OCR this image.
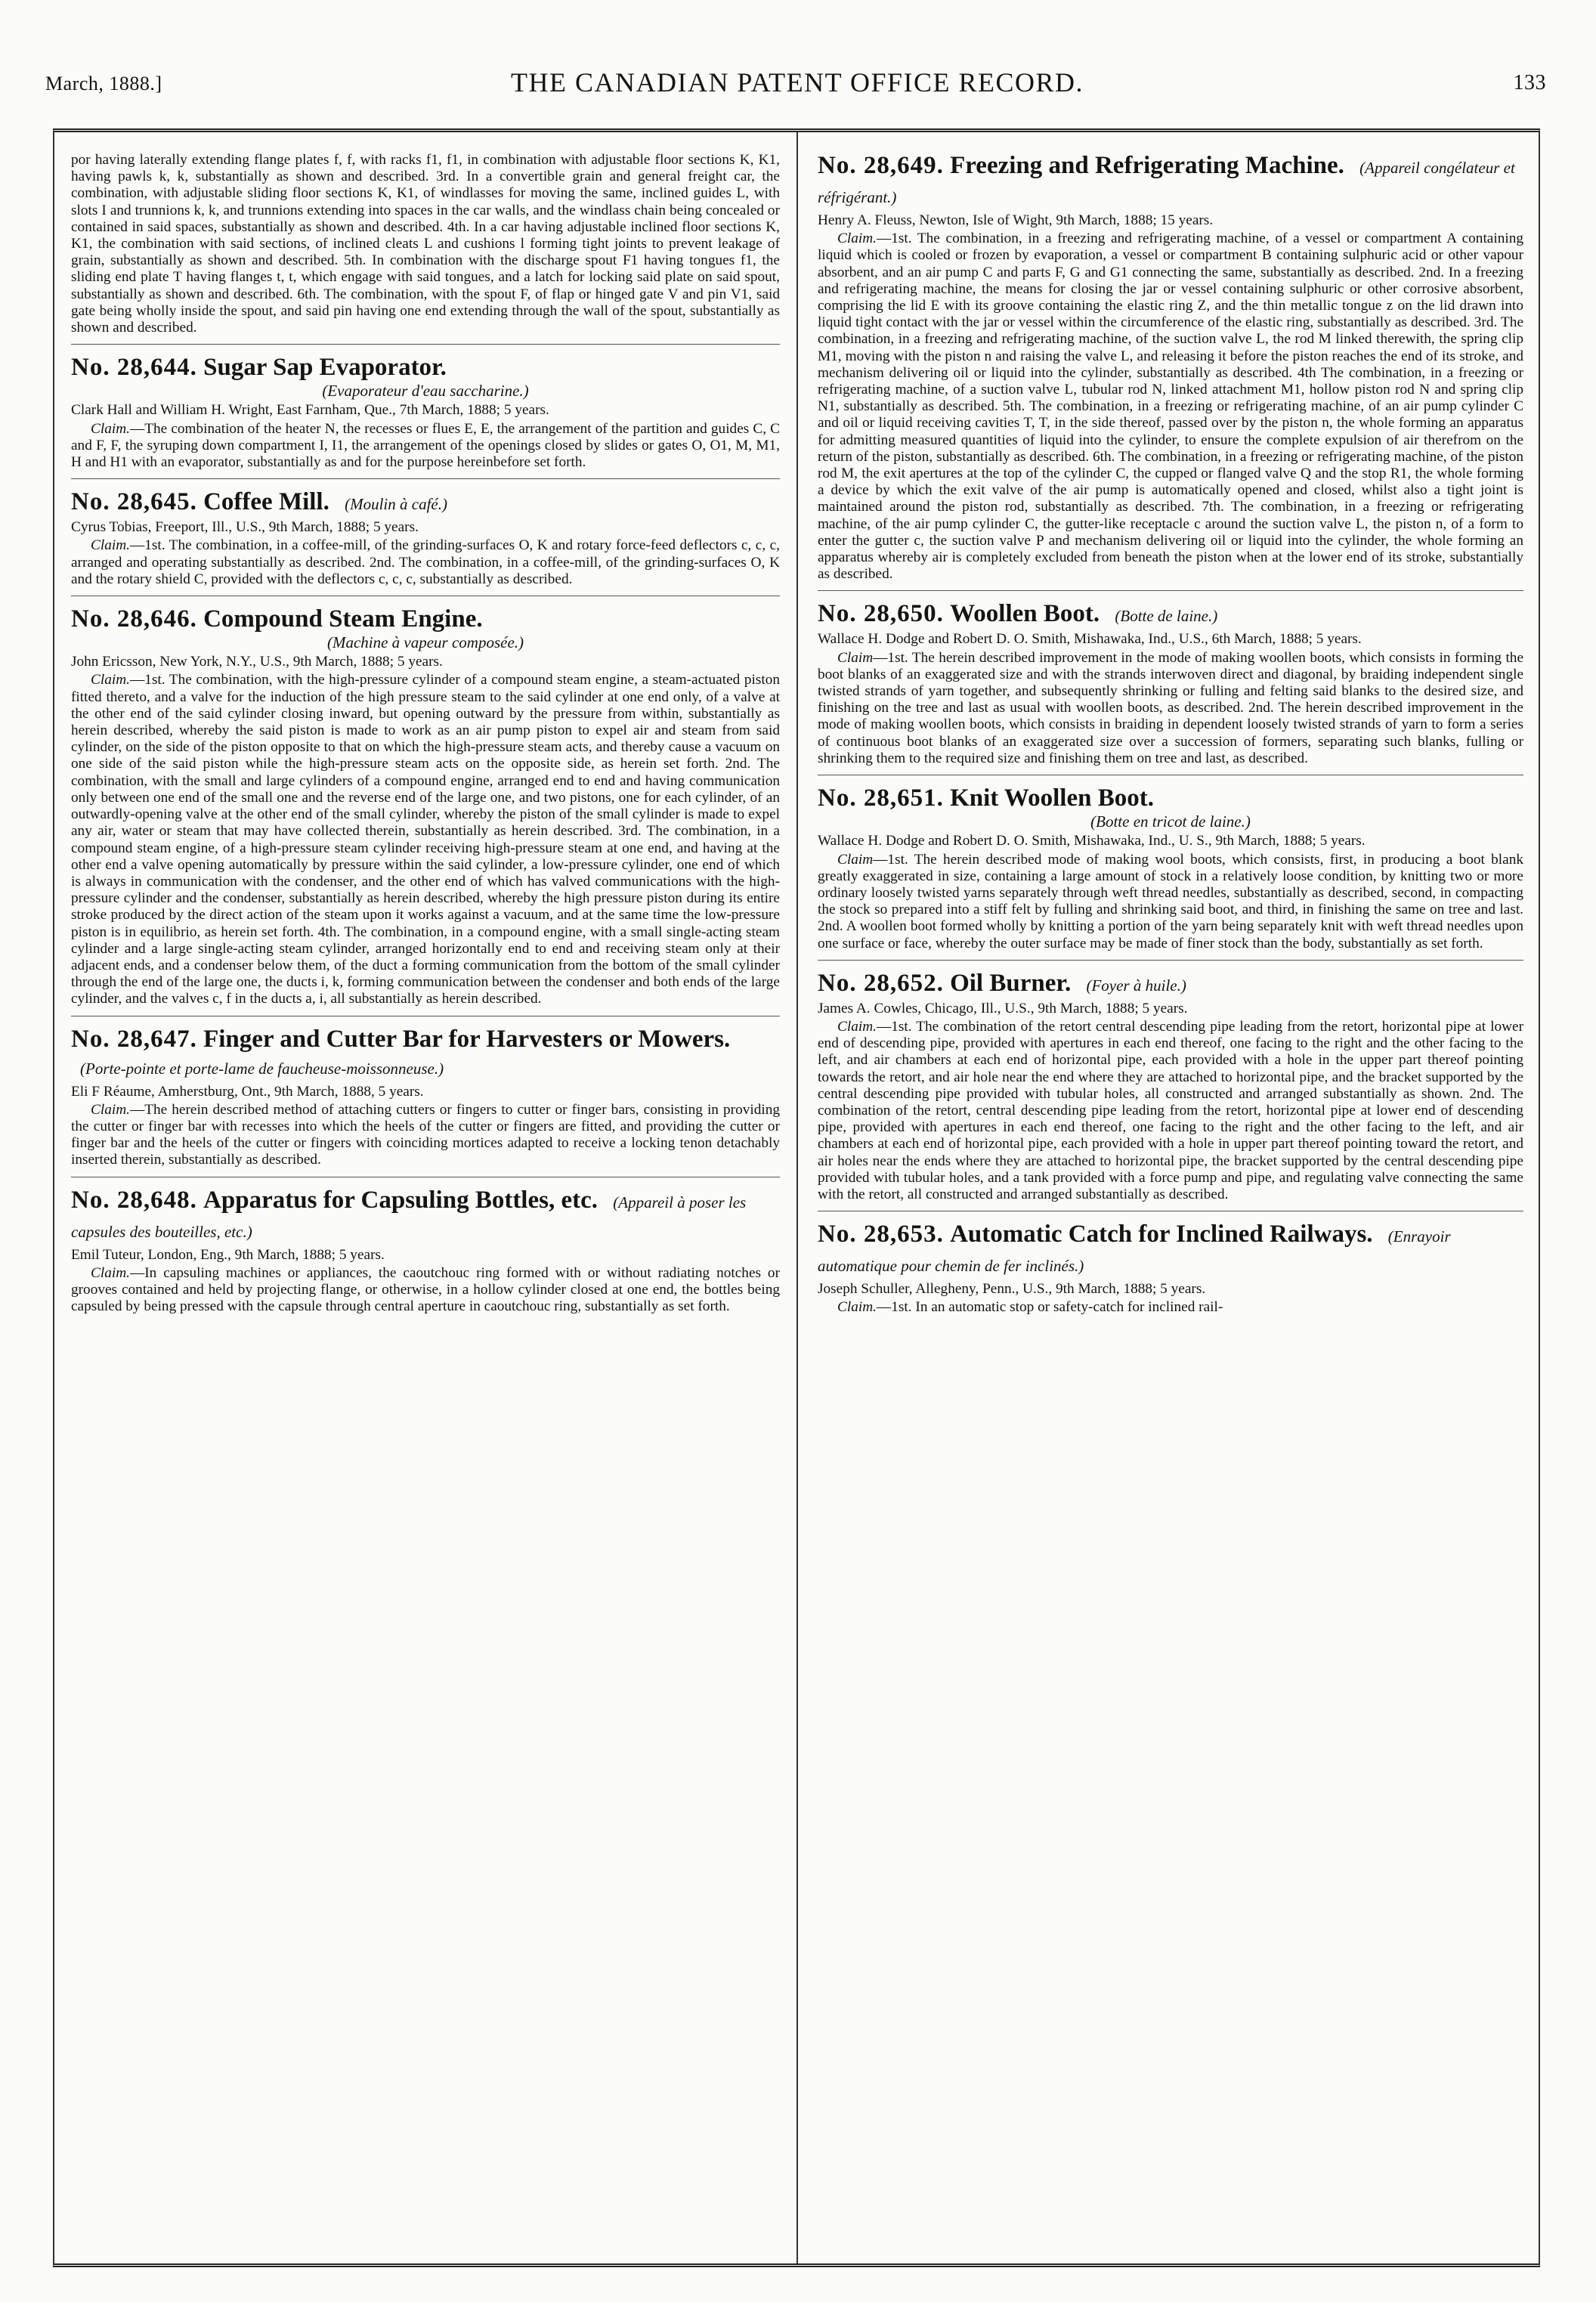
March, 1888.]	THE CANADIAN PATENT OFFICE RECORD.	133

por having laterally extending flange plates f, f, with racks f1, f1, in combination with adjustable floor sections K, K1, having pawls k, k, substantially as shown and described. 3rd. In a convertible grain and general freight car, the combination, with adjustable sliding floor sections K, K1, of windlasses for moving the same, inclined guides L, with slots I and trunnions k, k, and trunnions extending into spaces in the car walls, and the windlass chain being concealed or contained in said spaces, substantially as shown and described. 4th. In a car having adjustable inclined floor sections K, K1, the combination with said sections, of inclined cleats L and cushions l forming tight joints to prevent leakage of grain, substantially as shown and described. 5th. In combination with the discharge spout F1 having tongues f1, the sliding end plate T having flanges t, t, which engage with said tongues, and a latch for locking said plate on said spout, substantially as shown and described. 6th. The combination, with the spout F, of flap or hinged gate V and pin V1, said gate being wholly inside the spout, and said pin having one end extending through the wall of the spout, substantially as shown and described.

No. 28,644. Sugar Sap Evaporator.
(Evaporateur d'eau saccharine.)

Clark Hall and William H. Wright, East Farnham, Que., 7th March, 1888; 5 years.

Claim.—The combination of the heater N, the recesses or flues E, E, the arrangement of the partition and guides C, C and F, F, the syruping down compartment I, I1, the arrangement of the openings closed by slides or gates O, O1, M, M1, H and H1 with an evaporator, substantially as and for the purpose hereinbefore set forth.

No. 28,645. Coffee Mill. (Moulin à café.)

Cyrus Tobias, Freeport, Ill., U.S., 9th March, 1888; 5 years.

Claim.—1st. The combination, in a coffee-mill, of the grinding-surfaces O, K and rotary force-feed deflectors c, c, c, arranged and operating substantially as described. 2nd. The combination, in a coffee-mill, of the grinding-surfaces O, K and the rotary shield C, provided with the deflectors c, c, c, substantially as described.

No. 28,646. Compound Steam Engine.
(Machine à vapeur composée.)

John Ericsson, New York, N.Y., U.S., 9th March, 1888; 5 years.

Claim.—1st. The combination, with the high-pressure cylinder of a compound steam engine, a steam-actuated piston fitted thereto, and a valve for the induction of the high pressure steam to the said cylinder at one end only, of a valve at the other end of the said cylinder closing inward, but opening outward by the pressure from within, substantially as herein described, whereby the said piston is made to work as an air pump piston to expel air and steam from said cylinder, on the side of the piston opposite to that on which the high-pressure steam acts, and thereby cause a vacuum on one side of the said piston while the high-pressure steam acts on the opposite side, as herein set forth. 2nd. The combination, with the small and large cylinders of a compound engine, arranged end to end and having communication only between one end of the small one and the reverse end of the large one, and two pistons, one for each cylinder, of an outwardly-opening valve at the other end of the small cylinder, whereby the piston of the small cylinder is made to expel any air, water or steam that may have collected therein, substantially as herein described. 3rd. The combination, in a compound steam engine, of a high-pressure steam cylinder receiving high-pressure steam at one end, and having at the other end a valve opening automatically by pressure within the said cylinder, a low-pressure cylinder, one end of which is always in communication with the condenser, and the other end of which has valved communications with the high-pressure cylinder and the condenser, substantially as herein described, whereby the high pressure piston during its entire stroke produced by the direct action of the steam upon it works against a vacuum, and at the same time the low-pressure piston is in equilibrio, as herein set forth. 4th. The combination, in a compound engine, with a small single-acting steam cylinder and a large single-acting steam cylinder, arranged horizontally end to end and receiving steam only at their adjacent ends, and a condenser below them, of the duct a forming communication from the bottom of the small cylinder through the end of the large one, the ducts i, k, forming communication between the condenser and both ends of the large cylinder, and the valves c, f in the ducts a, i, all substantially as herein described.

No. 28,647. Finger and Cutter Bar for Harvesters or Mowers. (Porte-pointe et porte-lame de faucheuse-moissonneuse.)

Eli F Réaume, Amherstburg, Ont., 9th March, 1888, 5 years.

Claim.—The herein described method of attaching cutters or fingers to cutter or finger bars, consisting in providing the cutter or finger bar with recesses into which the heels of the cutter or fingers are fitted, and providing the cutter or finger bar and the heels of the cutter or fingers with coinciding mortices adapted to receive a locking tenon detachably inserted therein, substantially as described.

No. 28,648. Apparatus for Capsuling Bottles, etc. (Appareil à poser les capsules des bouteilles, etc.)

Emil Tuteur, London, Eng., 9th March, 1888; 5 years.

Claim.—In capsuling machines or appliances, the caoutchouc ring formed with or without radiating notches or grooves contained and held by projecting flange, or otherwise, in a hollow cylinder closed at one end, the bottles being capsuled by being pressed with the capsule through central aperture in caoutchouc ring, substantially as set forth.

No. 28,649. Freezing and Refrigerating Machine. (Appareil congélateur et réfrigérant.)

Henry A. Fleuss, Newton, Isle of Wight, 9th March, 1888; 15 years.

Claim.—1st. The combination, in a freezing and refrigerating machine, of a vessel or compartment A containing liquid which is cooled or frozen by evaporation, a vessel or compartment B containing sulphuric acid or other vapour absorbent, and an air pump C and parts F, G and G1 connecting the same, substantially as described. 2nd. In a freezing and refrigerating machine, the means for closing the jar or vessel containing sulphuric or other corrosive absorbent, comprising the lid E with its groove containing the elastic ring Z, and the thin metallic tongue z on the lid drawn into liquid tight contact with the jar or vessel within the circumference of the elastic ring, substantially as described. 3rd. The combination, in a freezing and refrigerating machine, of the suction valve L, the rod M linked therewith, the spring clip M1, moving with the piston n and raising the valve L, and releasing it before the piston reaches the end of its stroke, and mechanism delivering oil or liquid into the cylinder, substantially as described. 4th The combination, in a freezing or refrigerating machine, of a suction valve L, tubular rod N, linked attachment M1, hollow piston rod N and spring clip N1, substantially as described. 5th. The combination, in a freezing or refrigerating machine, of an air pump cylinder C and oil or liquid receiving cavities T, T, in the side thereof, passed over by the piston n, the whole forming an apparatus for admitting measured quantities of liquid into the cylinder, to ensure the complete expulsion of air therefrom on the return of the piston, substantially as described. 6th. The combination, in a freezing or refrigerating machine, of the piston rod M, the exit apertures at the top of the cylinder C, the cupped or flanged valve Q and the stop R1, the whole forming a device by which the exit valve of the air pump is automatically opened and closed, whilst also a tight joint is maintained around the piston rod, substantially as described. 7th. The combination, in a freezing or refrigerating machine, of the air pump cylinder C, the gutter-like receptacle c around the suction valve L, the piston n, of a form to enter the gutter c, the suction valve P and mechanism delivering oil or liquid into the cylinder, the whole forming an apparatus whereby air is completely excluded from beneath the piston when at the lower end of its stroke, substantially as described.

No. 28,650. Woollen Boot. (Botte de laine.)

Wallace H. Dodge and Robert D. O. Smith, Mishawaka, Ind., U.S., 6th March, 1888; 5 years.

Claim—1st. The herein described improvement in the mode of making woollen boots, which consists in forming the boot blanks of an exaggerated size and with the strands interwoven direct and diagonal, by braiding independent single twisted strands of yarn together, and subsequently shrinking or fulling and felting said blanks to the desired size, and finishing on the tree and last as usual with woollen boots, as described. 2nd. The herein described improvement in the mode of making woollen boots, which consists in braiding in dependent loosely twisted strands of yarn to form a series of continuous boot blanks of an exaggerated size over a succession of formers, separating such blanks, fulling or shrinking them to the required size and finishing them on tree and last, as described.

No. 28,651. Knit Woollen Boot.
(Botte en tricot de laine.)

Wallace H. Dodge and Robert D. O. Smith, Mishawaka, Ind., U. S., 9th March, 1888; 5 years.

Claim—1st. The herein described mode of making wool boots, which consists, first, in producing a boot blank greatly exaggerated in size, containing a large amount of stock in a relatively loose condition, by knitting two or more ordinary loosely twisted yarns separately through weft thread needles, substantially as described, second, in compacting the stock so prepared into a stiff felt by fulling and shrinking said boot, and third, in finishing the same on tree and last. 2nd. A woollen boot formed wholly by knitting a portion of the yarn being separately knit with weft thread needles upon one surface or face, whereby the outer surface may be made of finer stock than the body, substantially as set forth.

No. 28,652. Oil Burner. (Foyer à huile.)

James A. Cowles, Chicago, Ill., U.S., 9th March, 1888; 5 years.

Claim.—1st. The combination of the retort central descending pipe leading from the retort, horizontal pipe at lower end of descending pipe, provided with apertures in each end thereof, one facing to the right and the other facing to the left, and air chambers at each end of horizontal pipe, each provided with a hole in the upper part thereof pointing towards the retort, and air hole near the end where they are attached to horizontal pipe, and the bracket supported by the central descending pipe provided with tubular holes, all constructed and arranged substantially as shown. 2nd. The combination of the retort, central descending pipe leading from the retort, horizontal pipe at lower end of descending pipe, provided with apertures in each end thereof, one facing to the right and the other facing to the left, and air chambers at each end of horizontal pipe, each provided with a hole in upper part thereof pointing toward the retort, and air holes near the ends where they are attached to horizontal pipe, the bracket supported by the central descending pipe provided with tubular holes, and a tank provided with a force pump and pipe, and regulating valve connecting the same with the retort, all constructed and arranged substantially as described.

No. 28,653. Automatic Catch for Inclined Railways. (Enrayoir automatique pour chemin de fer inclinés.)

Joseph Schuller, Allegheny, Penn., U.S., 9th March, 1888; 5 years.

Claim.—1st. In an automatic stop or safety-catch for inclined rail-
